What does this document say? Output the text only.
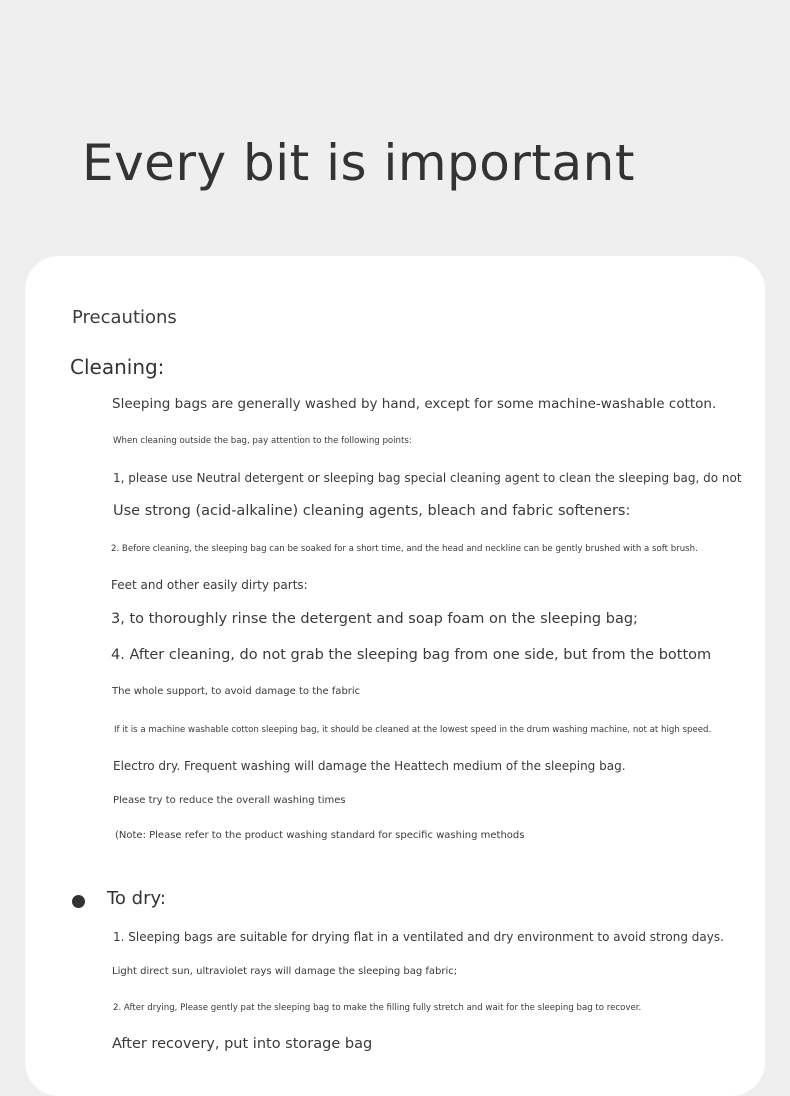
Every bit is important
Precautions
Cleaning:
Sleeping bags are generally washed by hand, except for some machine-washable cotton.
When cleaning outside the bag, pay attention to the following points:
1, please use Neutral detergent or sleeping bag special cleaning agent to clean the sleeping bag, do not
Use strong (acid-alkaline) cleaning agents, bleach and fabric softeners:
2. Before cleaning, the sleeping bag can be soaked for a short time, and the head and neckline can be gently brushed with a soft brush.
Feet and other easily dirty parts:
3, to thoroughly rinse the detergent and soap foam on the sleeping bag;
4. After cleaning, do not grab the sleeping bag from one side, but from the bottom
The whole support, to avoid damage to the fabric
If it is a machine washable cotton sleeping bag, it should be cleaned at the lowest speed in the drum washing machine, not at high speed.
Electro dry. Frequent washing will damage the Heattech medium of the sleeping bag.
Please try to reduce the overall washing times
(Note: Please refer to the product washing standard for specific washing methods
To dry:
1. Sleeping bags are suitable for drying flat in a ventilated and dry environment to avoid strong days.
Light direct sun, ultraviolet rays will damage the sleeping bag fabric;
2. After drying, Please gently pat the sleeping bag to make the filling fully stretch and wait for the sleeping bag to recover.
After recovery, put into storage bag
